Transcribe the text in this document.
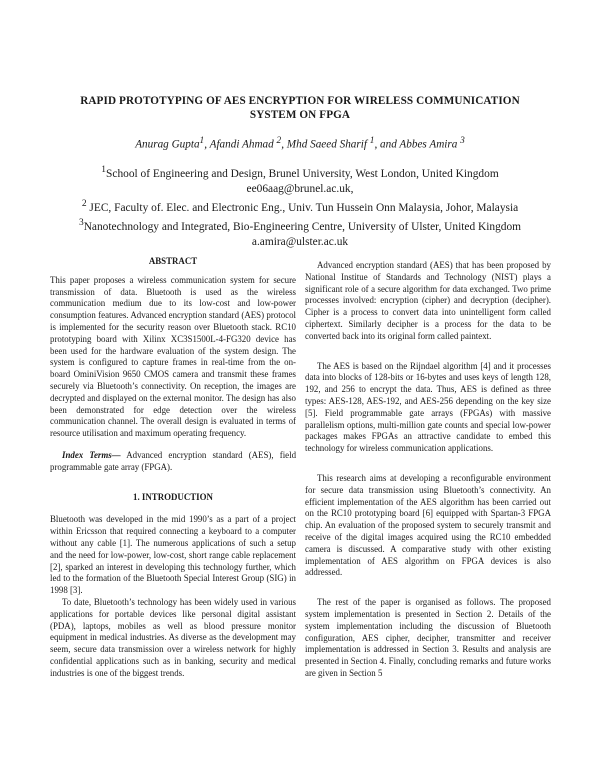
RAPID PROTOTYPING OF AES ENCRYPTION FOR WIRELESS COMMUNICATION
SYSTEM ON FPGA
Anurag Gupta$^1$, Afandi Ahmad $^2$, Mhd Saeed Sharif $^1$, and Abbes Amira $^3$
$^1$School of Engineering and Design, Brunel University, West London, United Kingdom
ee06aag@brunel.ac.uk,
$^2$ JEC, Faculty of. Elec. and Electronic Eng., Univ. Tun Hussein Onn Malaysia, Johor, Malaysia
$^3$Nanotechnology and Integrated, Bio-Engineering Centre, University of Ulster, United Kingdom
a.amira@ulster.ac.uk
ABSTRACT

This paper proposes a wireless communication system for secure transmission of data. Bluetooth is used as the wireless communication medium due to its low-cost and low-power consumption features. Advanced encryption standard (AES) protocol is implemented for the security reason over Bluetooth stack. RC10 prototyping board with Xilinx XC3S1500L-4-FG320 device has been used for the hardware evaluation of the system design. The system is configured to capture frames in real-time from the on-board OminiVision 9650 CMOS camera and transmit these frames securely via Bluetooth’s connectivity. On reception, the images are decrypted and displayed on the external monitor. The design has also been demonstrated for edge detection over the wireless communication channel. The overall design is evaluated in terms of resource utilisation and maximum operating frequency.

Index Terms— Advanced encryption standard (AES), field programmable gate array (FPGA).

1. INTRODUCTION

Bluetooth was developed in the mid 1990’s as a part of a project within Ericsson that required connecting a keyboard to a computer without any cable [1]. The numerous applications of such a setup and the need for low-power, low-cost, short range cable replacement [2], sparked an interest in developing this technology further, which led to the formation of the Bluetooth Special Interest Group (SIG) in 1998 [3].

To date, Bluetooth’s technology has been widely used in various applications for portable devices like personal digital assistant (PDA), laptops, mobiles as well as blood pressure monitor equipment in medical industries. As diverse as the development may seem, secure data transmission over a wireless network for highly confidential applications such as in banking, security and medical industries is one of the biggest trends.

Advanced encryption standard (AES) that has been proposed by National Institue of Standards and Technology (NIST) plays a significant role of a secure algorithm for data exchanged. Two prime processes involved: encryption (cipher) and decryption (decipher). Cipher is a process to convert data into unintelligent form called ciphertext. Similarly decipher is a process for the data to be converted back into its original form called paintext.

The AES is based on the Rijndael algorithm [4] and it processes data into blocks of 128-bits or 16-bytes and uses keys of length 128, 192, and 256 to encrypt the data. Thus, AES is defined as three types: AES-128, AES-192, and AES-256 depending on the key size [5]. Field programmable gate arrays (FPGAs) with massive parallelism options, multi-million gate counts and special low-power packages makes FPGAs an attractive candidate to embed this technology for wireless communication applications.

This research aims at developing a reconfigurable environment for secure data transmission using Bluetooth’s connectivity. An efficient implementation of the AES algorithm has been carried out on the RC10 prototyping board [6] equipped with Spartan-3 FPGA chip. An evaluation of the proposed system to securely transmit and receive of the digital images acquired using the RC10 embedded camera is discussed. A comparative study with other existing implementation of AES algorithm on FPGA devices is also addressed.

The rest of the paper is organised as follows. The proposed system implementation is presented in Section 2. Details of the system implementation including the discussion of Bluetooth configuration, AES cipher, decipher, transmitter and receiver implementation is addressed in Section 3. Results and analysis are presented in Section 4. Finally, concluding remarks and future works are given in Section 5
